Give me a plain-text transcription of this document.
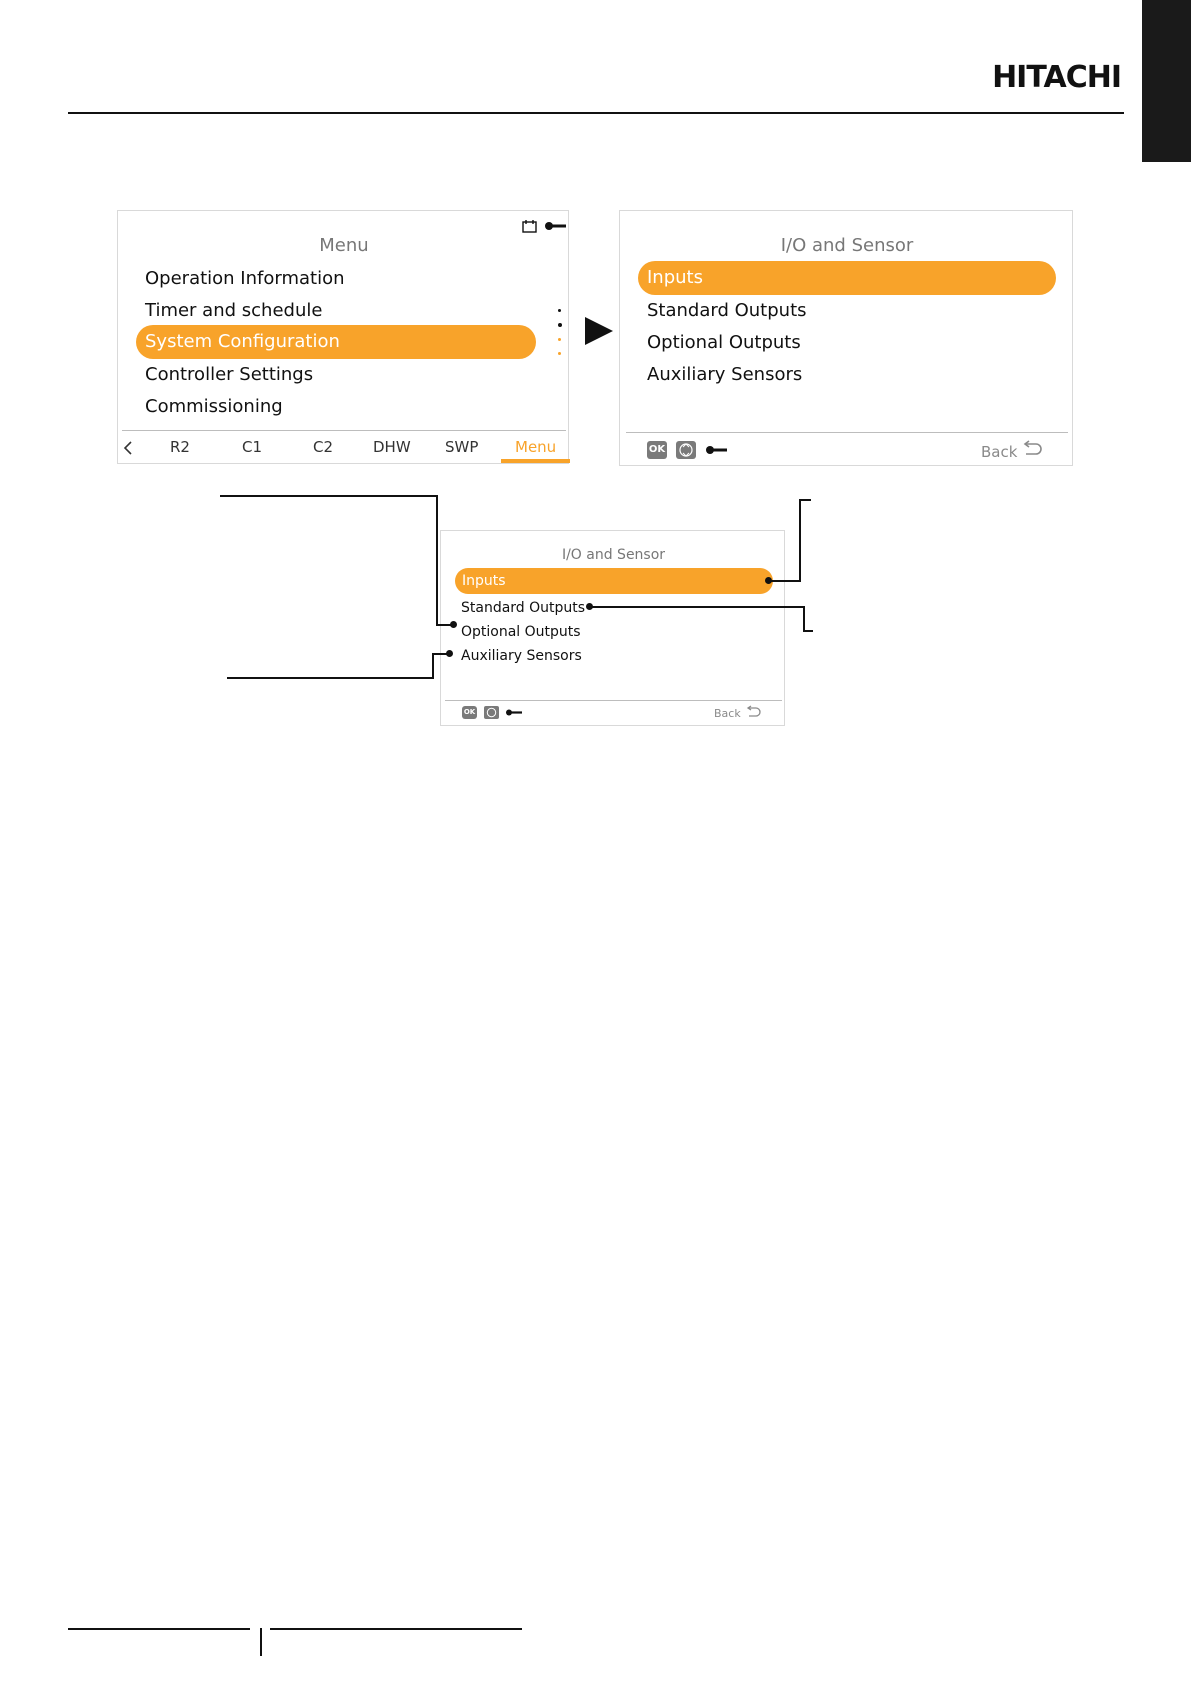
HITACHI
Menu
Operation Information
Timer and schedule
System Configuration
Controller Settings
Commissioning
R2	C1	C2	DHW SWP Menu
I/O and Sensor
Inputs
Standard Outputs
Optional Outputs
Auxiliary Sensors
OK	Back
I/O and Sensor
Inputs
Standard Outputs
Optional Outputs
Auxiliary Sensors
OK	Back
